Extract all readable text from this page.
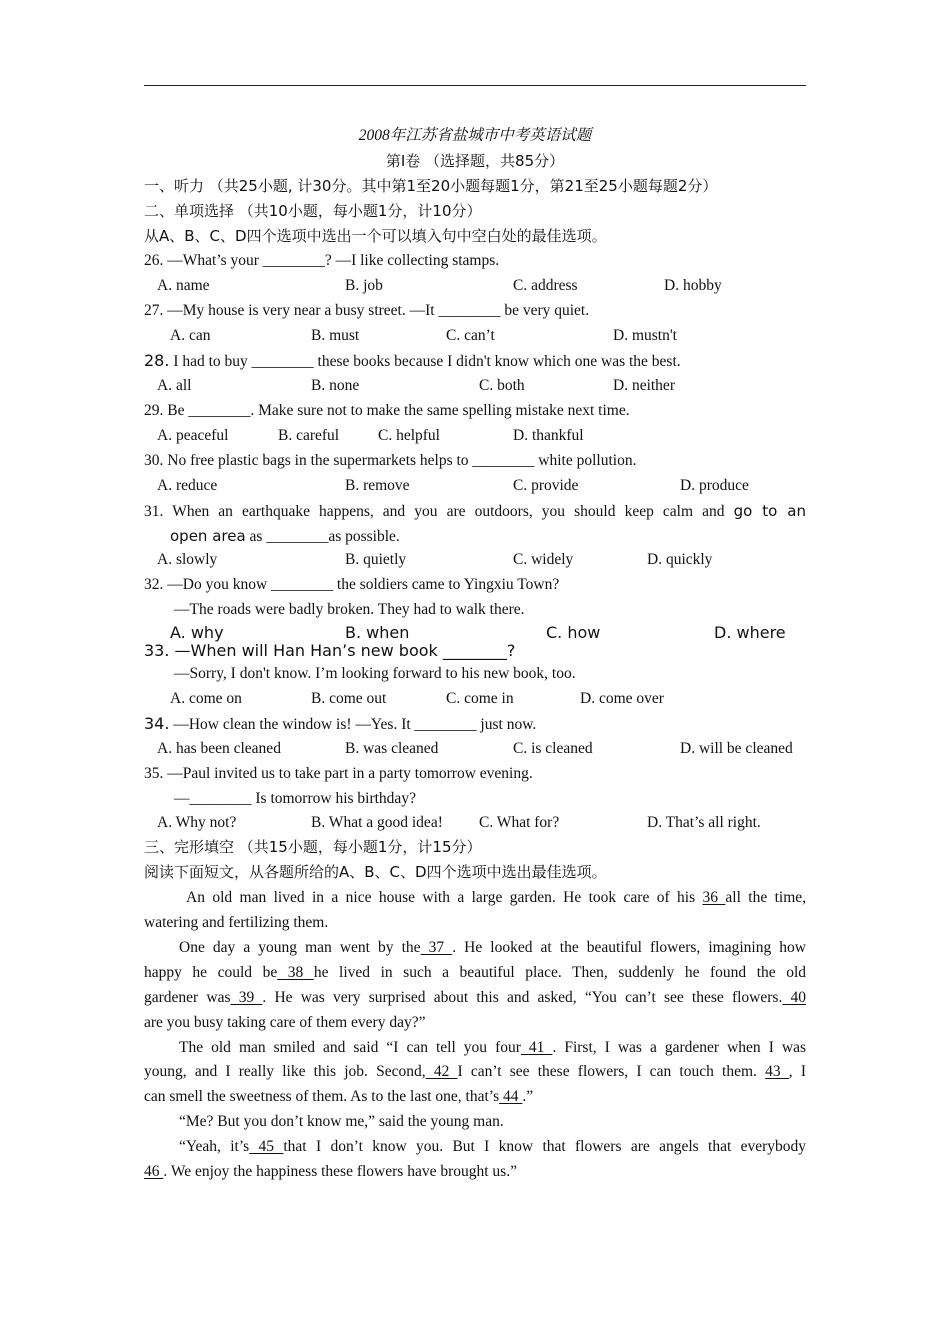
2008年江苏省盐城市中考英语试题
第Ⅰ卷 （选择题，共85分）
一、听力 （共25小题, 计30分。其中第1至20小题每题1分，第21至25小题每题2分）
二、单项选择 （共10小题，每小题1分，计10分）
从A、B、C、D四个选项中选出一个可以填入句中空白处的最佳选项。
26. —What’s your ________? —I like collecting stamps.
A. name	B. job	C. address	D. hobby
27. —My house is very near a busy street. —It ________ be very quiet.
A. can	B. must	C. can’t	D. mustn't
28. I had to buy ________ these books because I didn't know which one was the best.
A. all	B. none	C. both	D. neither
29. Be ________. Make sure not to make the same spelling mistake next time.
A. peaceful	B. careful	C. helpful	D. thankful
30. No free plastic bags in the supermarkets helps to ________ white pollution.
A. reduce	B. remove	C. provide	D. produce
31. When an earthquake happens, and you are outdoors, you should keep calm and go to an
open area as ________as possible.
A. slowly	B. quietly	C. widely	D. quickly
32. —Do you know ________ the soldiers came to Yingxiu Town?
—The roads were badly broken. They had to walk there.
A. why	B. when	C. how	D. where
33. —When will Han Han’s new book ________?
—Sorry, I don't know. I’m looking forward to his new book, too.
A. come on	B. come out	C. come in	D. come over
34. —How clean the window is! —Yes. It ________ just now.
A. has been cleaned	B. was cleaned	C. is cleaned	D. will be cleaned
35. —Paul invited us to take part in a party tomorrow evening.
—________ Is tomorrow his birthday?
A. Why not?	B. What a good idea! C. What for?	D. That’s all right.
三、完形填空 （共15小题，每小题1分，计15分）
阅读下面短文，从各题所给的A、B、C、D四个选项中选出最佳选项。
An old man lived in a nice house with a large garden. He took care of his 36 all the time,
watering and fertilizing them.
One day a young man went by the 37 . He looked at the beautiful flowers, imagining how
happy he could be 38 he lived in such a beautiful place. Then, suddenly he found the old
gardener was 39 . He was very surprised about this and asked, “You can’t see these flowers. 40
are you busy taking care of them every day?”
The old man smiled and said “I can tell you four 41 . First, I was a gardener when I was
young, and I really like this job. Second, 42 I can’t see these flowers, I can touch them. 43 , I
can smell the sweetness of them. As to the last one, that’s 44 .”
“Me? But you don’t know me,” said the young man.
“Yeah, it’s 45 that I don’t know you. But I know that flowers are angels that everybody
46 . We enjoy the happiness these flowers have brought us.”
